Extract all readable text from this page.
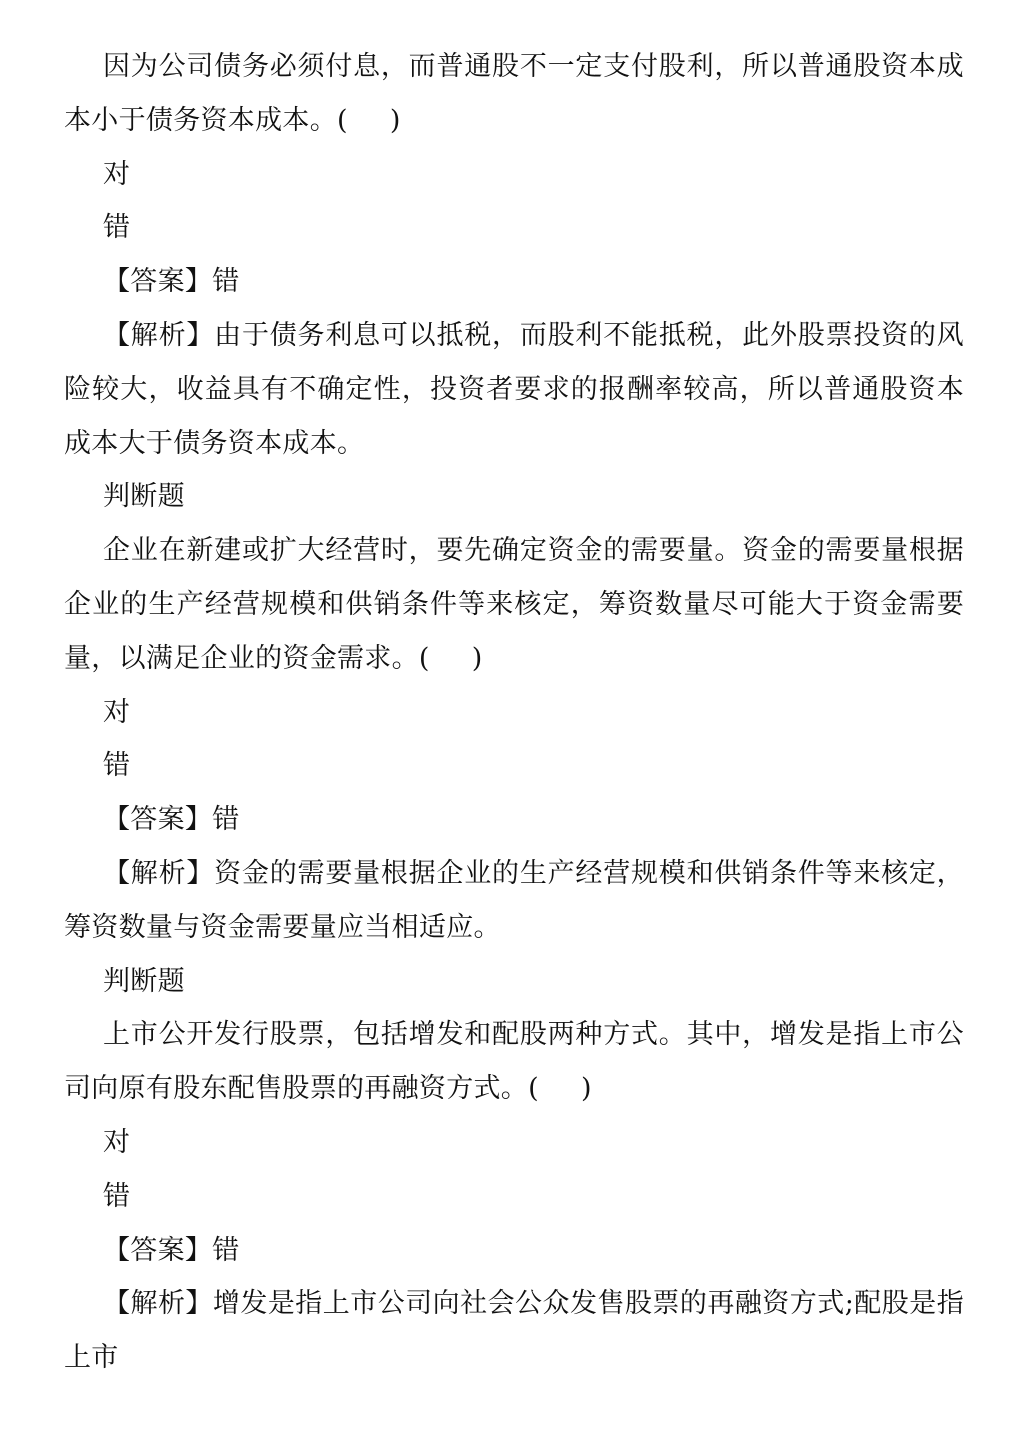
因为公司债务必须付息，而普通股不一定支付股利，所以普通股资本成本小于债务资本成本。( )
对
错
【答案】错
【解析】由于债务利息可以抵税，而股利不能抵税，此外股票投资的风险较大，收益具有不确定性，投资者要求的报酬率较高，所以普通股资本成本大于债务资本成本。
判断题
企业在新建或扩大经营时，要先确定资金的需要量。资金的需要量根据企业的生产经营规模和供销条件等来核定，筹资数量尽可能大于资金需要量，以满足企业的资金需求。( )
对
错
【答案】错
【解析】资金的需要量根据企业的生产经营规模和供销条件等来核定，筹资数量与资金需要量应当相适应。
判断题
上市公开发行股票，包括增发和配股两种方式。其中，增发是指上市公司向原有股东配售股票的再融资方式。( )
对
错
【答案】错
【解析】增发是指上市公司向社会公众发售股票的再融资方式;配股是指上市
